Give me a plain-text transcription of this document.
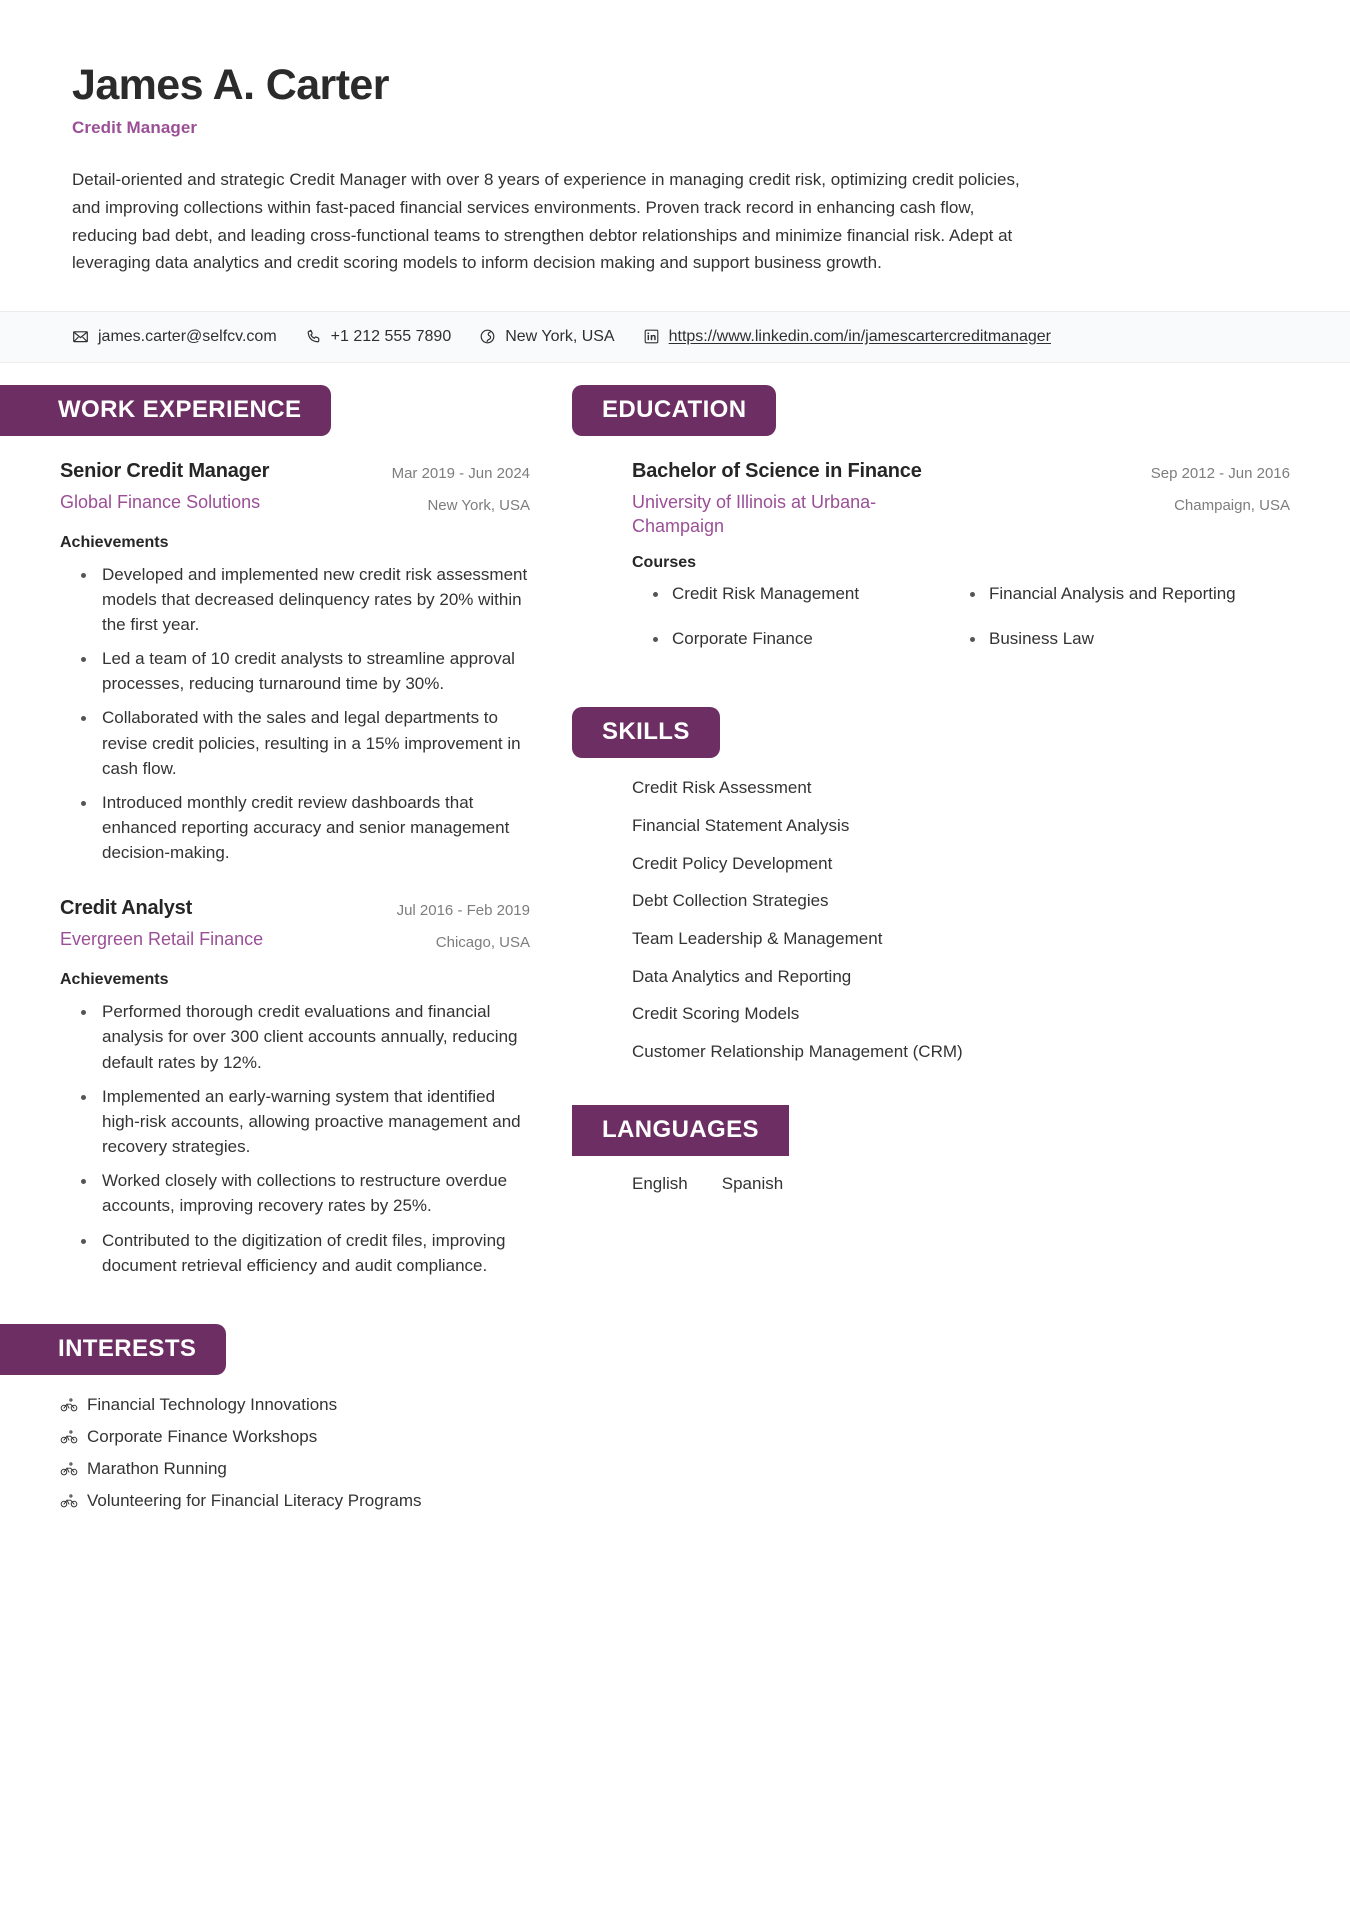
James A. Carter
Credit Manager

Detail-oriented and strategic Credit Manager with over 8 years of experience in managing credit risk, optimizing credit policies, and improving collections within fast-paced financial services environments. Proven track record in enhancing cash flow, reducing bad debt, and leading cross-functional teams to strengthen debtor relationships and minimize financial risk. Adept at leveraging data analytics and credit scoring models to inform decision making and support business growth.

james.carter@selfcv.com	+1 212 555 7890	New York, USA	https://www.linkedin.com/in/jamescartercreditmanager
WORK EXPERIENCE
Senior Credit Manager
Global Finance Solutions
Mar 2019 - Jun 2024
New York, USA
Achievements
Developed and implemented new credit risk assessment models that decreased delinquency rates by 20% within the first year.
Led a team of 10 credit analysts to streamline approval processes, reducing turnaround time by 30%.
Collaborated with the sales and legal departments to revise credit policies, resulting in a 15% improvement in cash flow.
Introduced monthly credit review dashboards that enhanced reporting accuracy and senior management decision-making.
Credit Analyst
Evergreen Retail Finance
Jul 2016 - Feb 2019
Chicago, USA
Achievements
Performed thorough credit evaluations and financial analysis for over 300 client accounts annually, reducing default rates by 12%.
Implemented an early-warning system that identified high-risk accounts, allowing proactive management and recovery strategies.
Worked closely with collections to restructure overdue accounts, improving recovery rates by 25%.
Contributed to the digitization of credit files, improving document retrieval efficiency and audit compliance.
INTERESTS
Financial Technology Innovations
Corporate Finance Workshops
Marathon Running
Volunteering for Financial Literacy Programs
EDUCATION
Bachelor of Science in Finance
University of Illinois at Urbana-Champaign
Sep 2012 - Jun 2016
Champaign, USA
Courses
Credit Risk Management	Financial Analysis and Reporting
Corporate Finance	Business Law
SKILLS
Credit Risk Assessment
Financial Statement Analysis
Credit Policy Development
Debt Collection Strategies
Team Leadership & Management
Data Analytics and Reporting
Credit Scoring Models
Customer Relationship Management (CRM)
LANGUAGES
English Spanish
